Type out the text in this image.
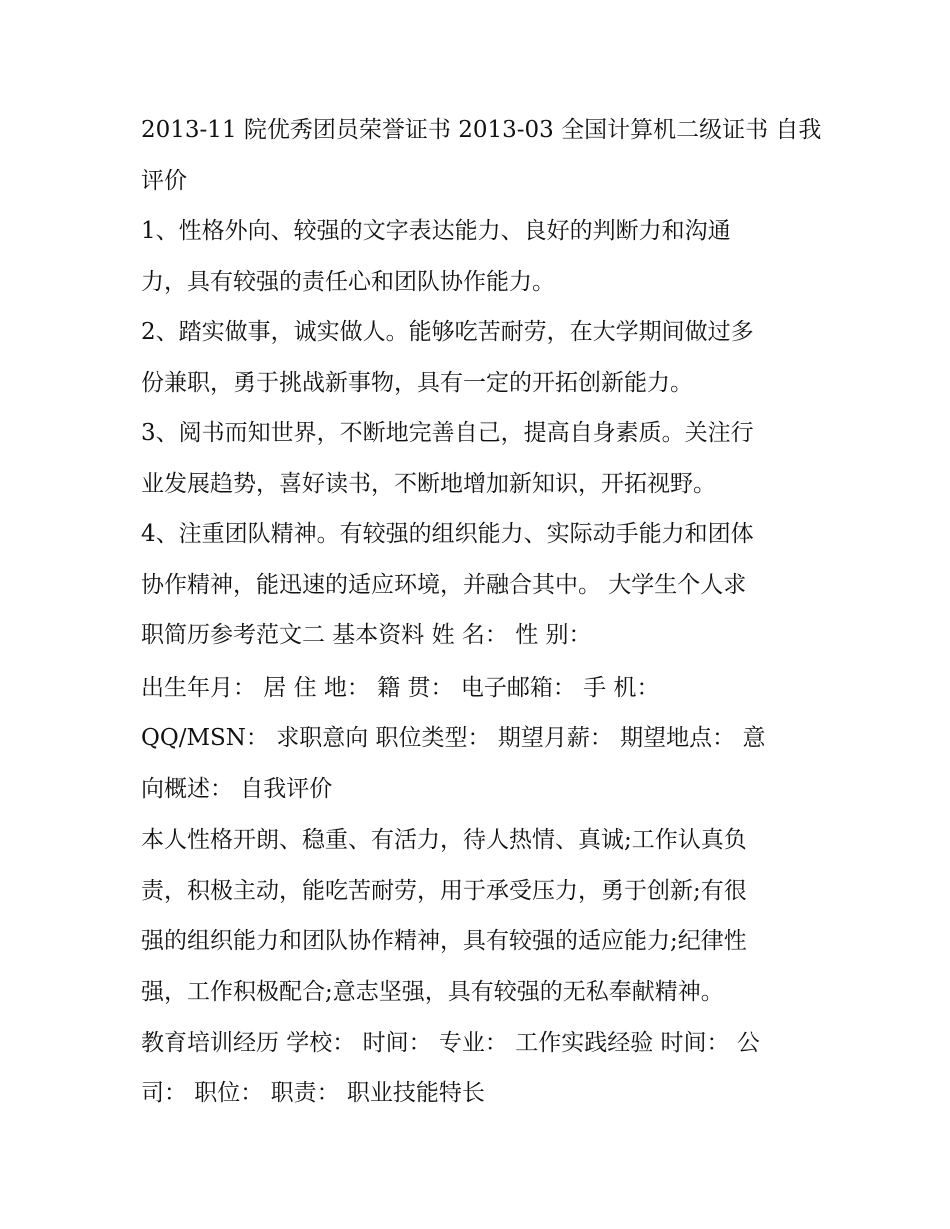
2013-11 院优秀团员荣誉证书 2013-03 全国计算机二级证书 自我

评价

1、性格外向、较强的文字表达能力、良好的判断力和沟通

力，具有较强的责任心和团队协作能力。

2、踏实做事，诚实做人。能够吃苦耐劳，在大学期间做过多

份兼职，勇于挑战新事物，具有一定的开拓创新能力。

3、阅书而知世界，不断地完善自己，提高自身素质。关注行

业发展趋势，喜好读书，不断地增加新知识，开拓视野。

4、注重团队精神。有较强的组织能力、实际动手能力和团体

协作精神，能迅速的适应环境，并融合其中。 大学生个人求

职简历参考范文二 基本资料 姓 名： 性 别：

出生年月： 居 住 地： 籍 贯： 电子邮箱： 手 机：

QQ/MSN： 求职意向 职位类型： 期望月薪： 期望地点： 意

向概述： 自我评价

本人性格开朗、稳重、有活力，待人热情、真诚;工作认真负

责，积极主动，能吃苦耐劳，用于承受压力，勇于创新;有很

强的组织能力和团队协作精神，具有较强的适应能力;纪律性

强，工作积极配合;意志坚强，具有较强的无私奉献精神。

教育培训经历 学校： 时间： 专业： 工作实践经验 时间： 公

司： 职位： 职责： 职业技能特长
